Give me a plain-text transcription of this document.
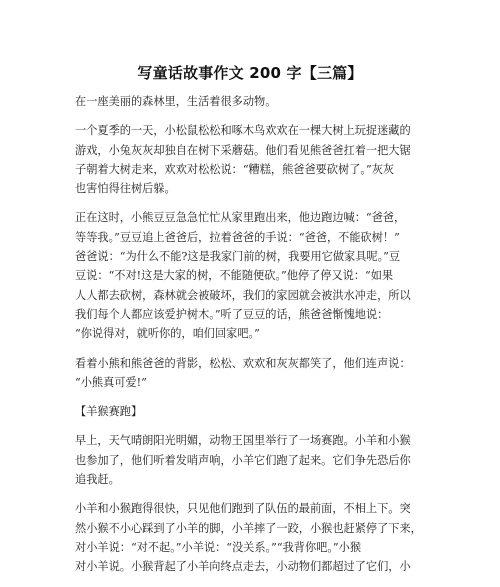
写童话故事作文 200 字【三篇】
在一座美丽的森林里，生活着很多动物。
一个夏季的一天，小松鼠松松和啄木鸟欢欢在一棵大树上玩捉迷藏的
游戏，小兔灰灰却独自在树下采蘑菇。他们看见熊爸爸扛着一把大锯
子朝着大树走来，欢欢对松松说：“糟糕，熊爸爸要砍树了。”灰灰
也害怕得往树后躲。
正在这时，小熊豆豆急急忙忙从家里跑出来，他边跑边喊：“爸爸，
等等我。”豆豆追上爸爸后，拉着爸爸的手说：“爸爸，不能砍树！”
爸爸说：“为什么不能?这是我家门前的树，我要用它做家具呢。”豆
豆说：“不对!这是大家的树，不能随便砍。”他停了停又说：“如果
人人都去砍树，森林就会被破坏，我们的家园就会被洪水冲走，所以
我们每个人都应该爱护树木。”听了豆豆的话，熊爸爸惭愧地说：
“你说得对，就听你的，咱们回家吧。”
看着小熊和熊爸爸的背影，松松、欢欢和灰灰都笑了，他们连声说：
“小熊真可爱!”
【羊猴赛跑】
早上，天气晴朗阳光明媚，动物王国里举行了一场赛跑。小羊和小猴
也参加了，他们听着发哨声响，小羊它们跑了起来。它们争先恐后你
追我赶。
小羊和小猴跑得很快，只见他们跑到了队伍的最前面，不相上下。突
然小猴不小心踩到了小羊的脚，小羊摔了一跤，小猴也赶紧停了下来，
对小羊说：“对不起。”小羊说：“没关系。”“我背你吧。”小猴
对小羊说。小猴背起了小羊向终点走去，小动物们都超过了它们，小
